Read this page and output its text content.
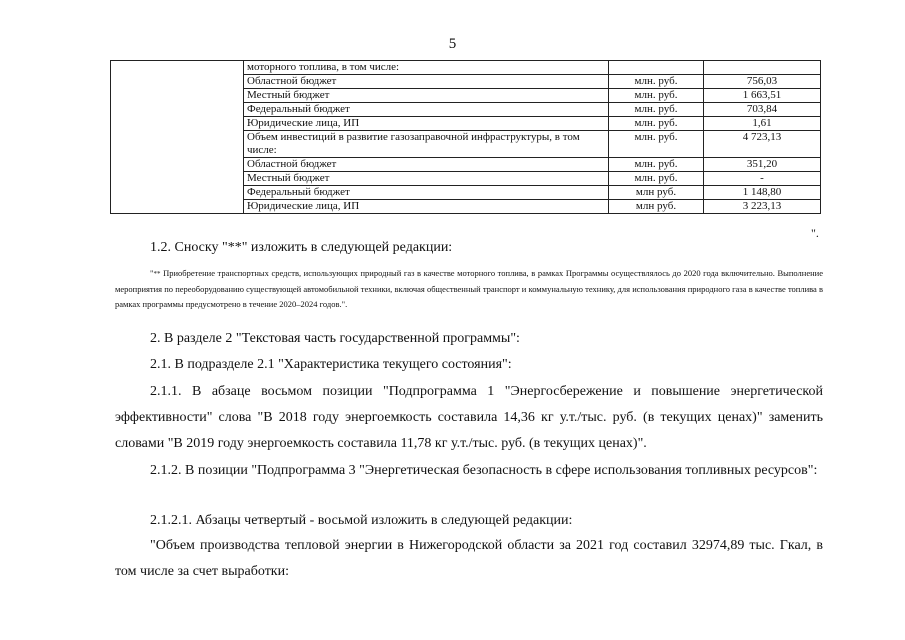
5
	моторного топлива, в том числе:		
	Областной бюджет	млн. руб.	756,03
	Местный бюджет	млн. руб.	1 663,51
	Федеральный бюджет	млн. руб.	703,84
	Юридические лица, ИП	млн. руб.	1,61
	Объем инвестиций в развитие газозаправочной инфраструктуры, в том числе:	млн. руб.	4 723,13
	Областной бюджет	млн. руб.	351,20
	Местный бюджет	млн. руб.	-
	Федеральный бюджет	млн руб.	1 148,80
	Юридические лица, ИП	млн руб.	3 223,13
".
1.2. Сноску "**" изложить в следующей редакции:
"** Приобретение транспортных средств, использующих природный газ в качестве моторного топлива, в рамках Программы осуществлялось до 2020 года включительно. Выполнение мероприятия по переоборудованию существующей автомобильной техники, включая общественный транспорт и коммунальную технику, для использования природного газа в качестве топлива в рамках программы предусмотрено в течение 2020–2024 годов.".
2. В разделе 2 "Текстовая часть государственной программы":
2.1. В подразделе 2.1 "Характеристика текущего состояния":
2.1.1. В абзаце восьмом позиции "Подпрограмма 1 "Энергосбережение и повышение энергетической эффективности" слова "В 2018 году энергоемкость составила 14,36 кг у.т./тыс. руб. (в текущих ценах)" заменить словами "В 2019 году энергоемкость составила 11,78 кг у.т./тыс. руб. (в текущих ценах)".
2.1.2. В позиции "Подпрограмма 3 "Энергетическая безопасность в сфере использования топливных ресурсов":
2.1.2.1. Абзацы четвертый - восьмой изложить в следующей редакции:
"Объем производства тепловой энергии в Нижегородской области за 2021 год составил 32974,89 тыс. Гкал, в том числе за счет выработки:
